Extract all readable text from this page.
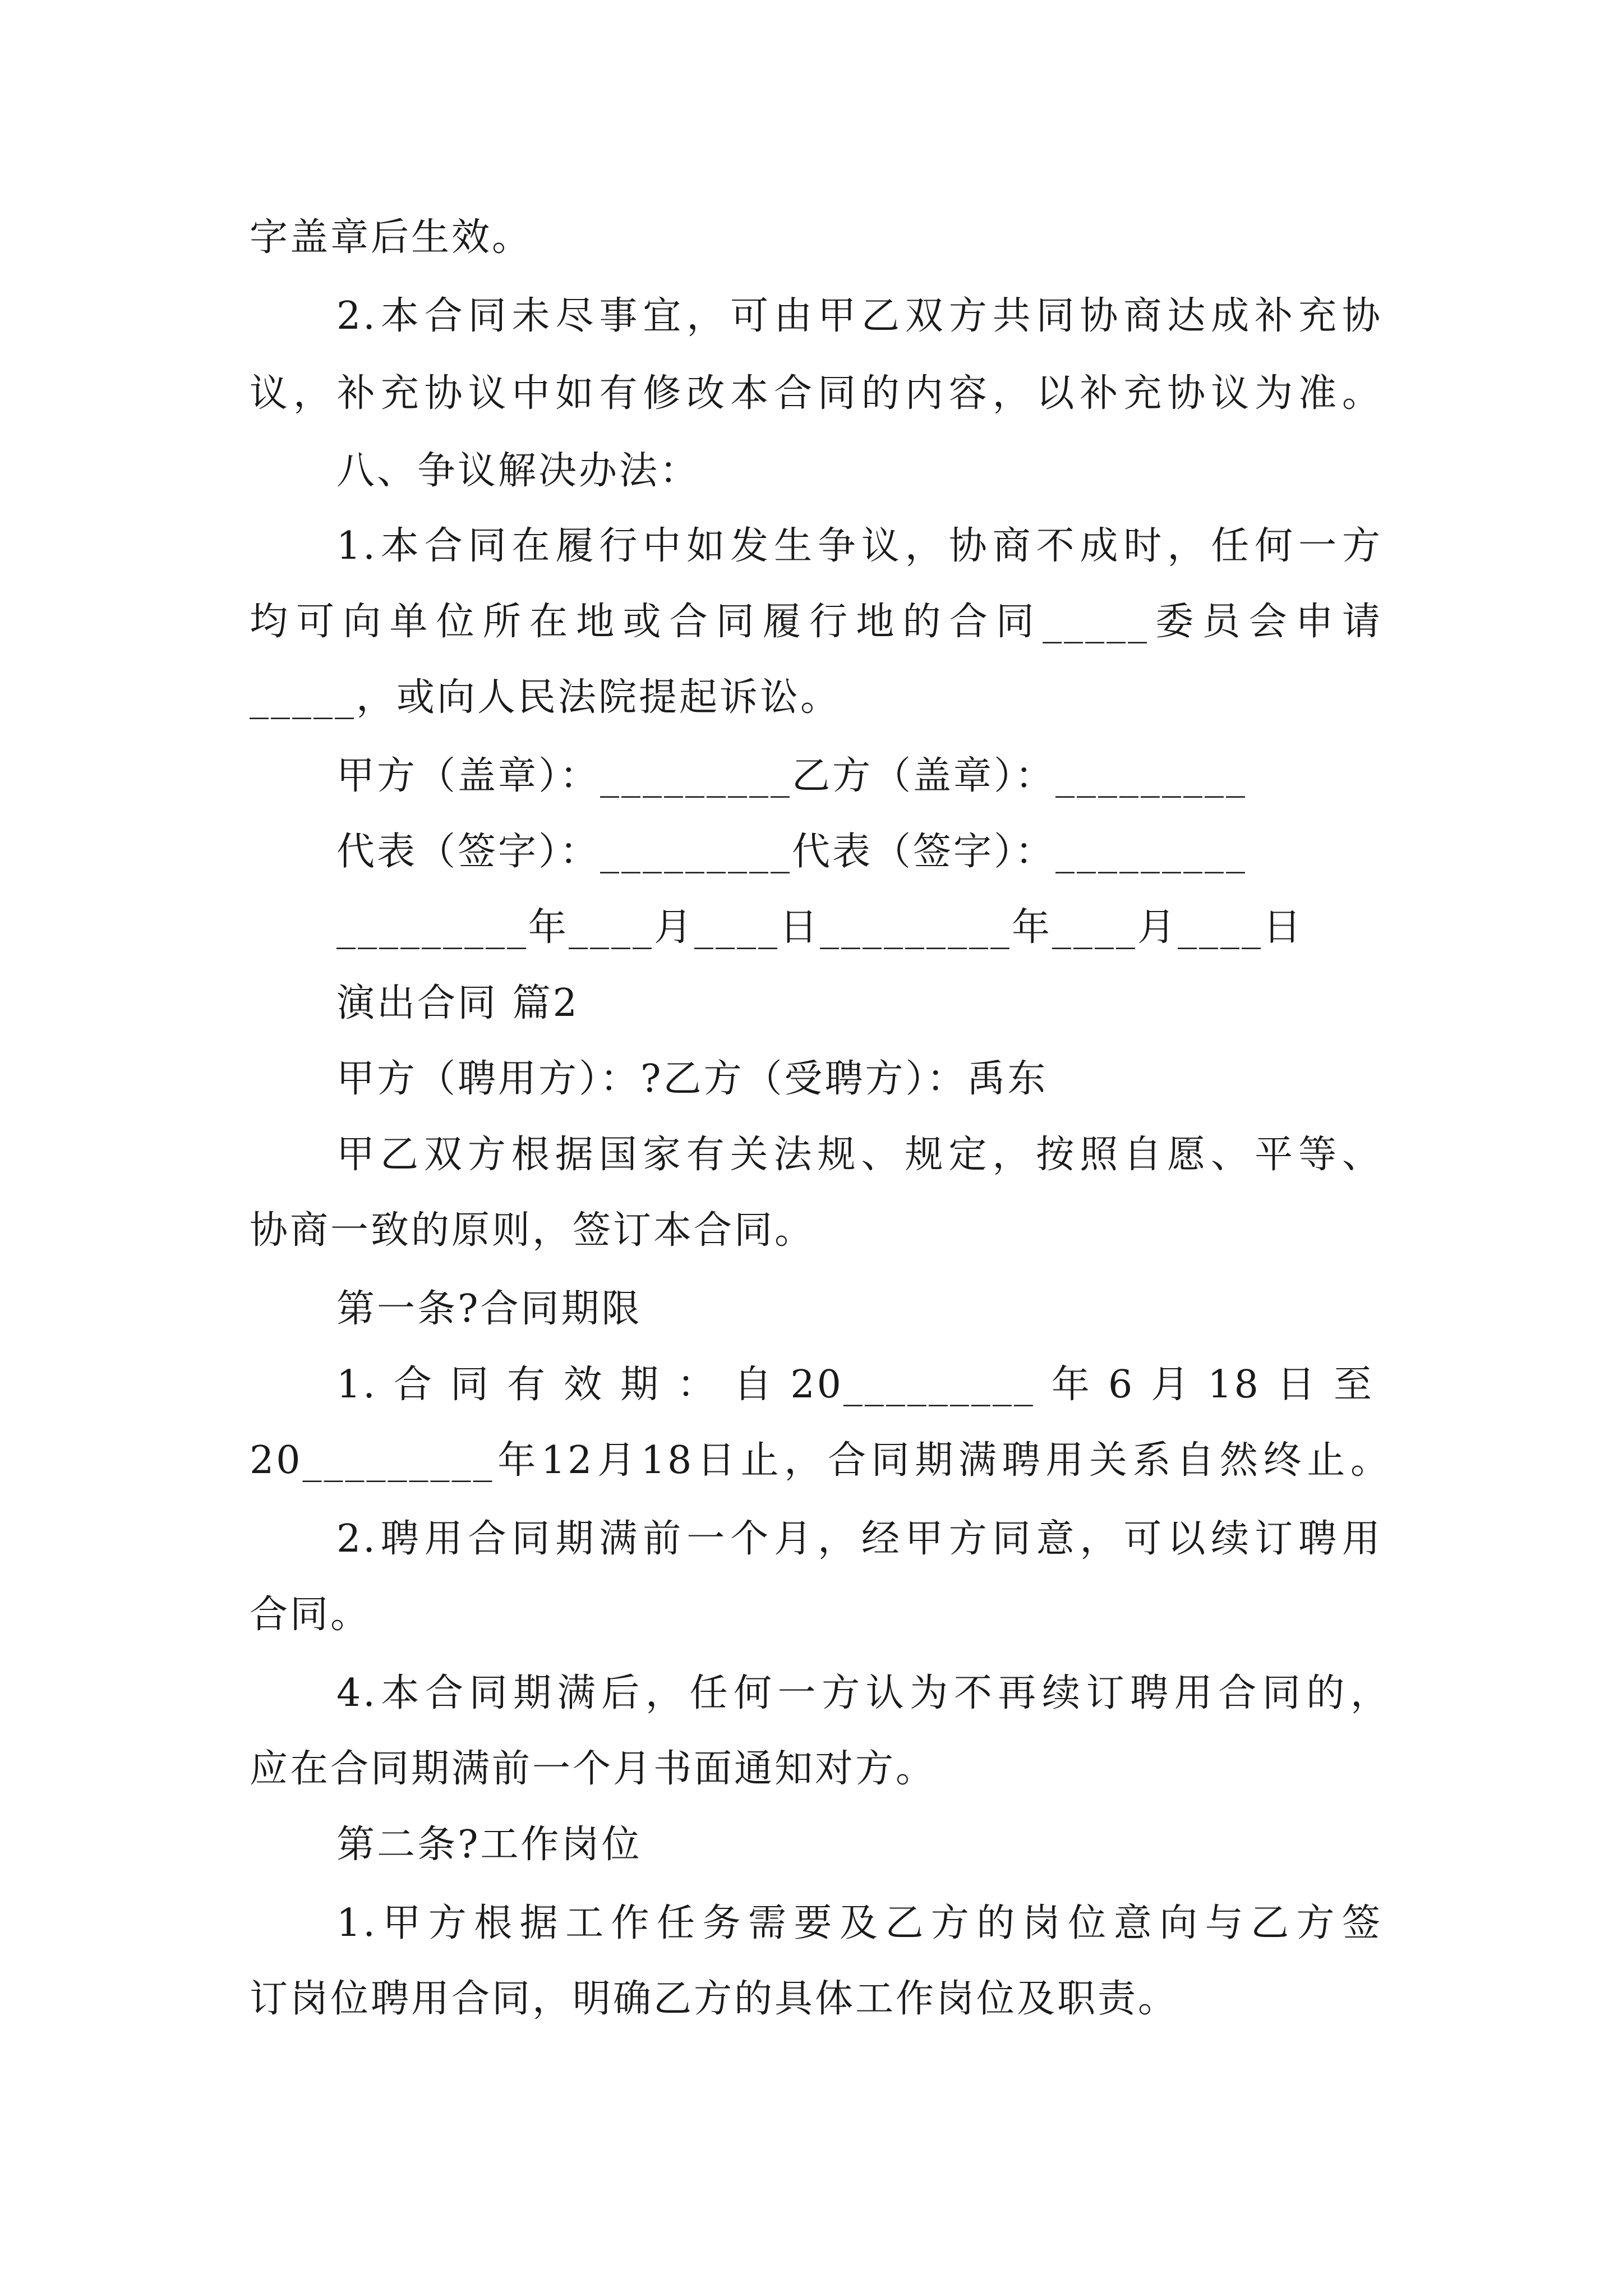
字盖章后生效。
2.本合同未尽事宜，可由甲乙双方共同协商达成补充协
议，补充协议中如有修改本合同的内容，以补充协议为准。
八、争议解决办法：
1.本合同在履行中如发生争议，协商不成时，任何一方
均可向单位所在地或合同履行地的合同_____委员会申请
_____，或向人民法院提起诉讼。
甲方（盖章）：_________乙方（盖章）：_________
代表（签字）：_________代表（签字）：_________
_________年____月____日_________年____月____日
演出合同 篇2
甲方（聘用方）：?乙方（受聘方）：禹东
甲乙双方根据国家有关法规、规定，按照自愿、平等、
协商一致的原则，签订本合同。
第一条?合同期限
1.合同有效期：自20_________年6月18日至
20_________年12月18日止，合同期满聘用关系自然终止。
2.聘用合同期满前一个月，经甲方同意，可以续订聘用
合同。
4.本合同期满后，任何一方认为不再续订聘用合同的，
应在合同期满前一个月书面通知对方。
第二条?工作岗位
1.甲方根据工作任务需要及乙方的岗位意向与乙方签
订岗位聘用合同，明确乙方的具体工作岗位及职责。
